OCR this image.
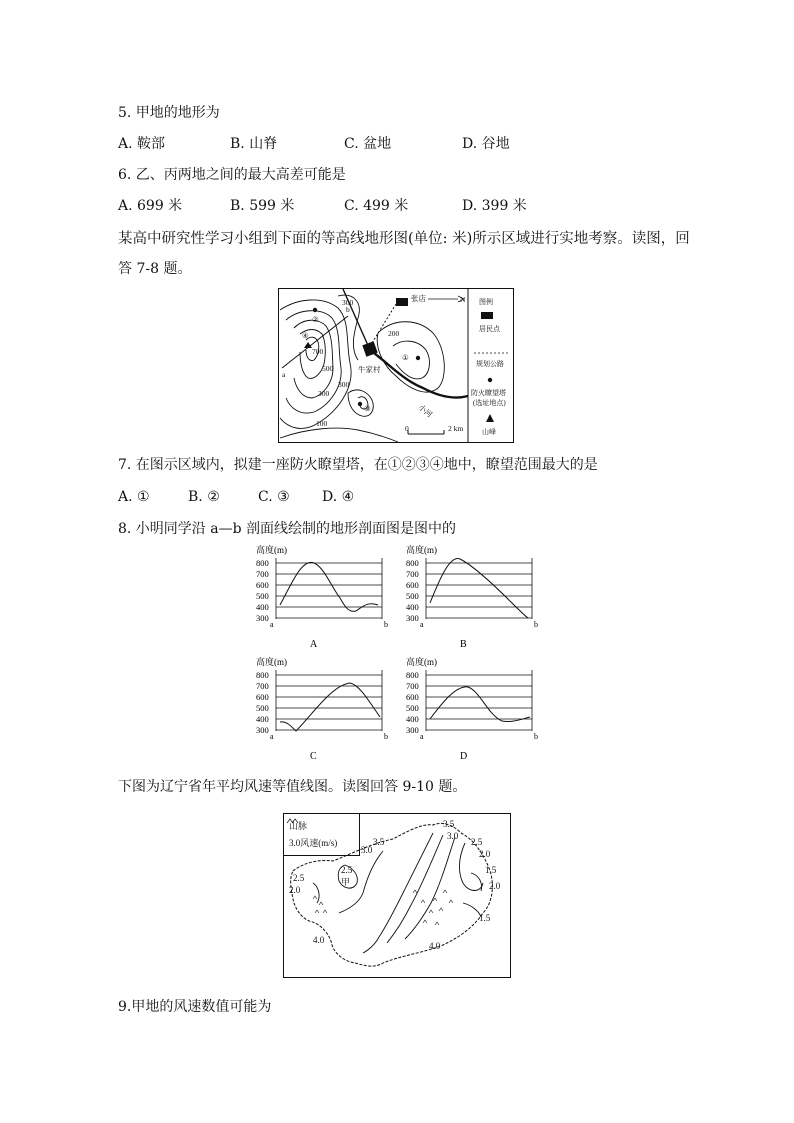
5. 甲地的地形为
A. 鞍部	B. 山脊	C. 盆地	D. 谷地
6. 乙、丙两地之间的最大高差可能是
A. 699 米	B. 599 米	C. 499 米	D. 399 米
某高中研究性学习小组到下面的等高线地形图(单位: 米)所示区域进行实地考察。读图，回
答 7-8 题。
N
张店
牛家村
小河
300
700
500
300
200
300
100
0	2 km
①
②
③
④
a
b
图例
居民点
规划公路
防火瞭望塔
(选址地点)
山峰
7. 在图示区域内，拟建一座防火瞭望塔，在①②③④地中，瞭望范围最大的是
A. ①	B. ②	C. ③ D. ④
8. 小明同学沿 a—b 剖面线绘制的地形剖面图是图中的
高度(m)
800
700
600
500
400
300
a	b
A
高度(m)
800
700
600
500
400
300
a	b
B
高度(m)
800
700
600
500
400
300
a	b
C
高度(m)
800
700
600
500
400
300
a	b
D
下图为辽宁省年平均风速等值线图。读图回答 9-10 题。
山脉
3.0风速(m/s)
3.5
3.0
2.5
2.0
1.5
2.0
1.5
3.5
3.0
2.5
2.5
2.0
4.0
4.0
甲
9.甲地的风速数值可能为
